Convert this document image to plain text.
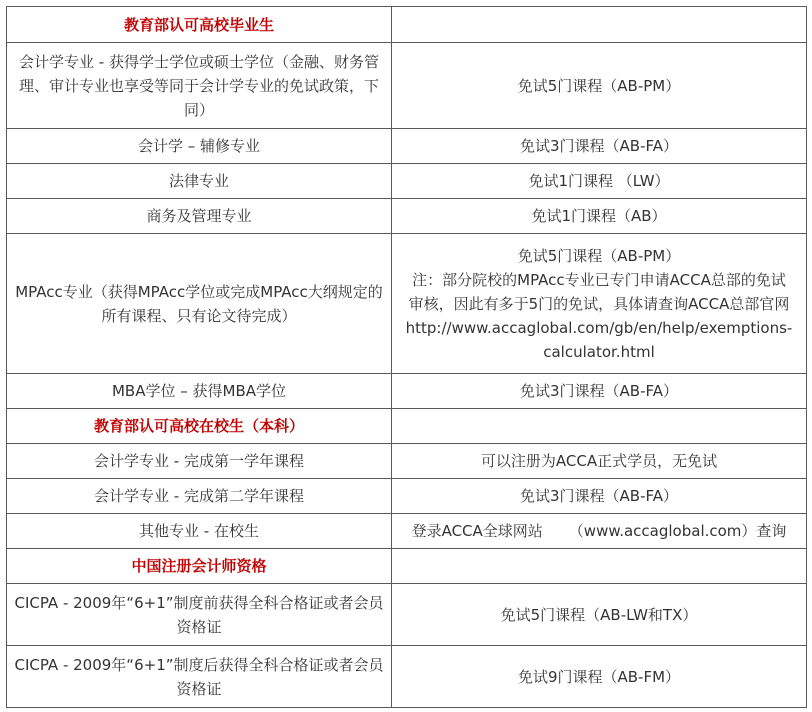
教育部认可高校毕业生	
会计学专业 - 获得学士学位或硕士学位（金融、财务管理、审计专业也享受等同于会计学专业的免试政策，下同）	免试5门课程（AB-PM）
会计学 – 辅修专业	免试3门课程（AB-FA）
法律专业	免试1门课程 （LW）
商务及管理专业	免试1门课程（AB）
MPAcc专业（获得MPAcc学位或完成MPAcc大纲规定的所有课程、只有论文待完成）	免试5门课程（AB-PM）
注：部分院校的MPAcc专业已专门申请ACCA总部的免试
审核，因此有多于5门的免试，具体请查询ACCA总部官网
http://www.accaglobal.com/gb/en/help/exemptions-
calculator.html

MBA学位 – 获得MBA学位	免试3门课程（AB-FA）
教育部认可高校在校生（本科）	
会计学专业 - 完成第一学年课程	可以注册为ACCA正式学员，无免试
会计学专业 - 完成第二学年课程	免试3门课程（AB-FA）
其他专业 - 在校生	登录ACCA全球网站 （www.accaglobal.com）查询
中国注册会计师资格	
CICPA - 2009年“6+1”制度前获得全科合格证或者会员资格证	免试5门课程（AB-LW和TX）
CICPA - 2009年“6+1”制度后获得全科合格证或者会员资格证	免试9门课程（AB-FM）
